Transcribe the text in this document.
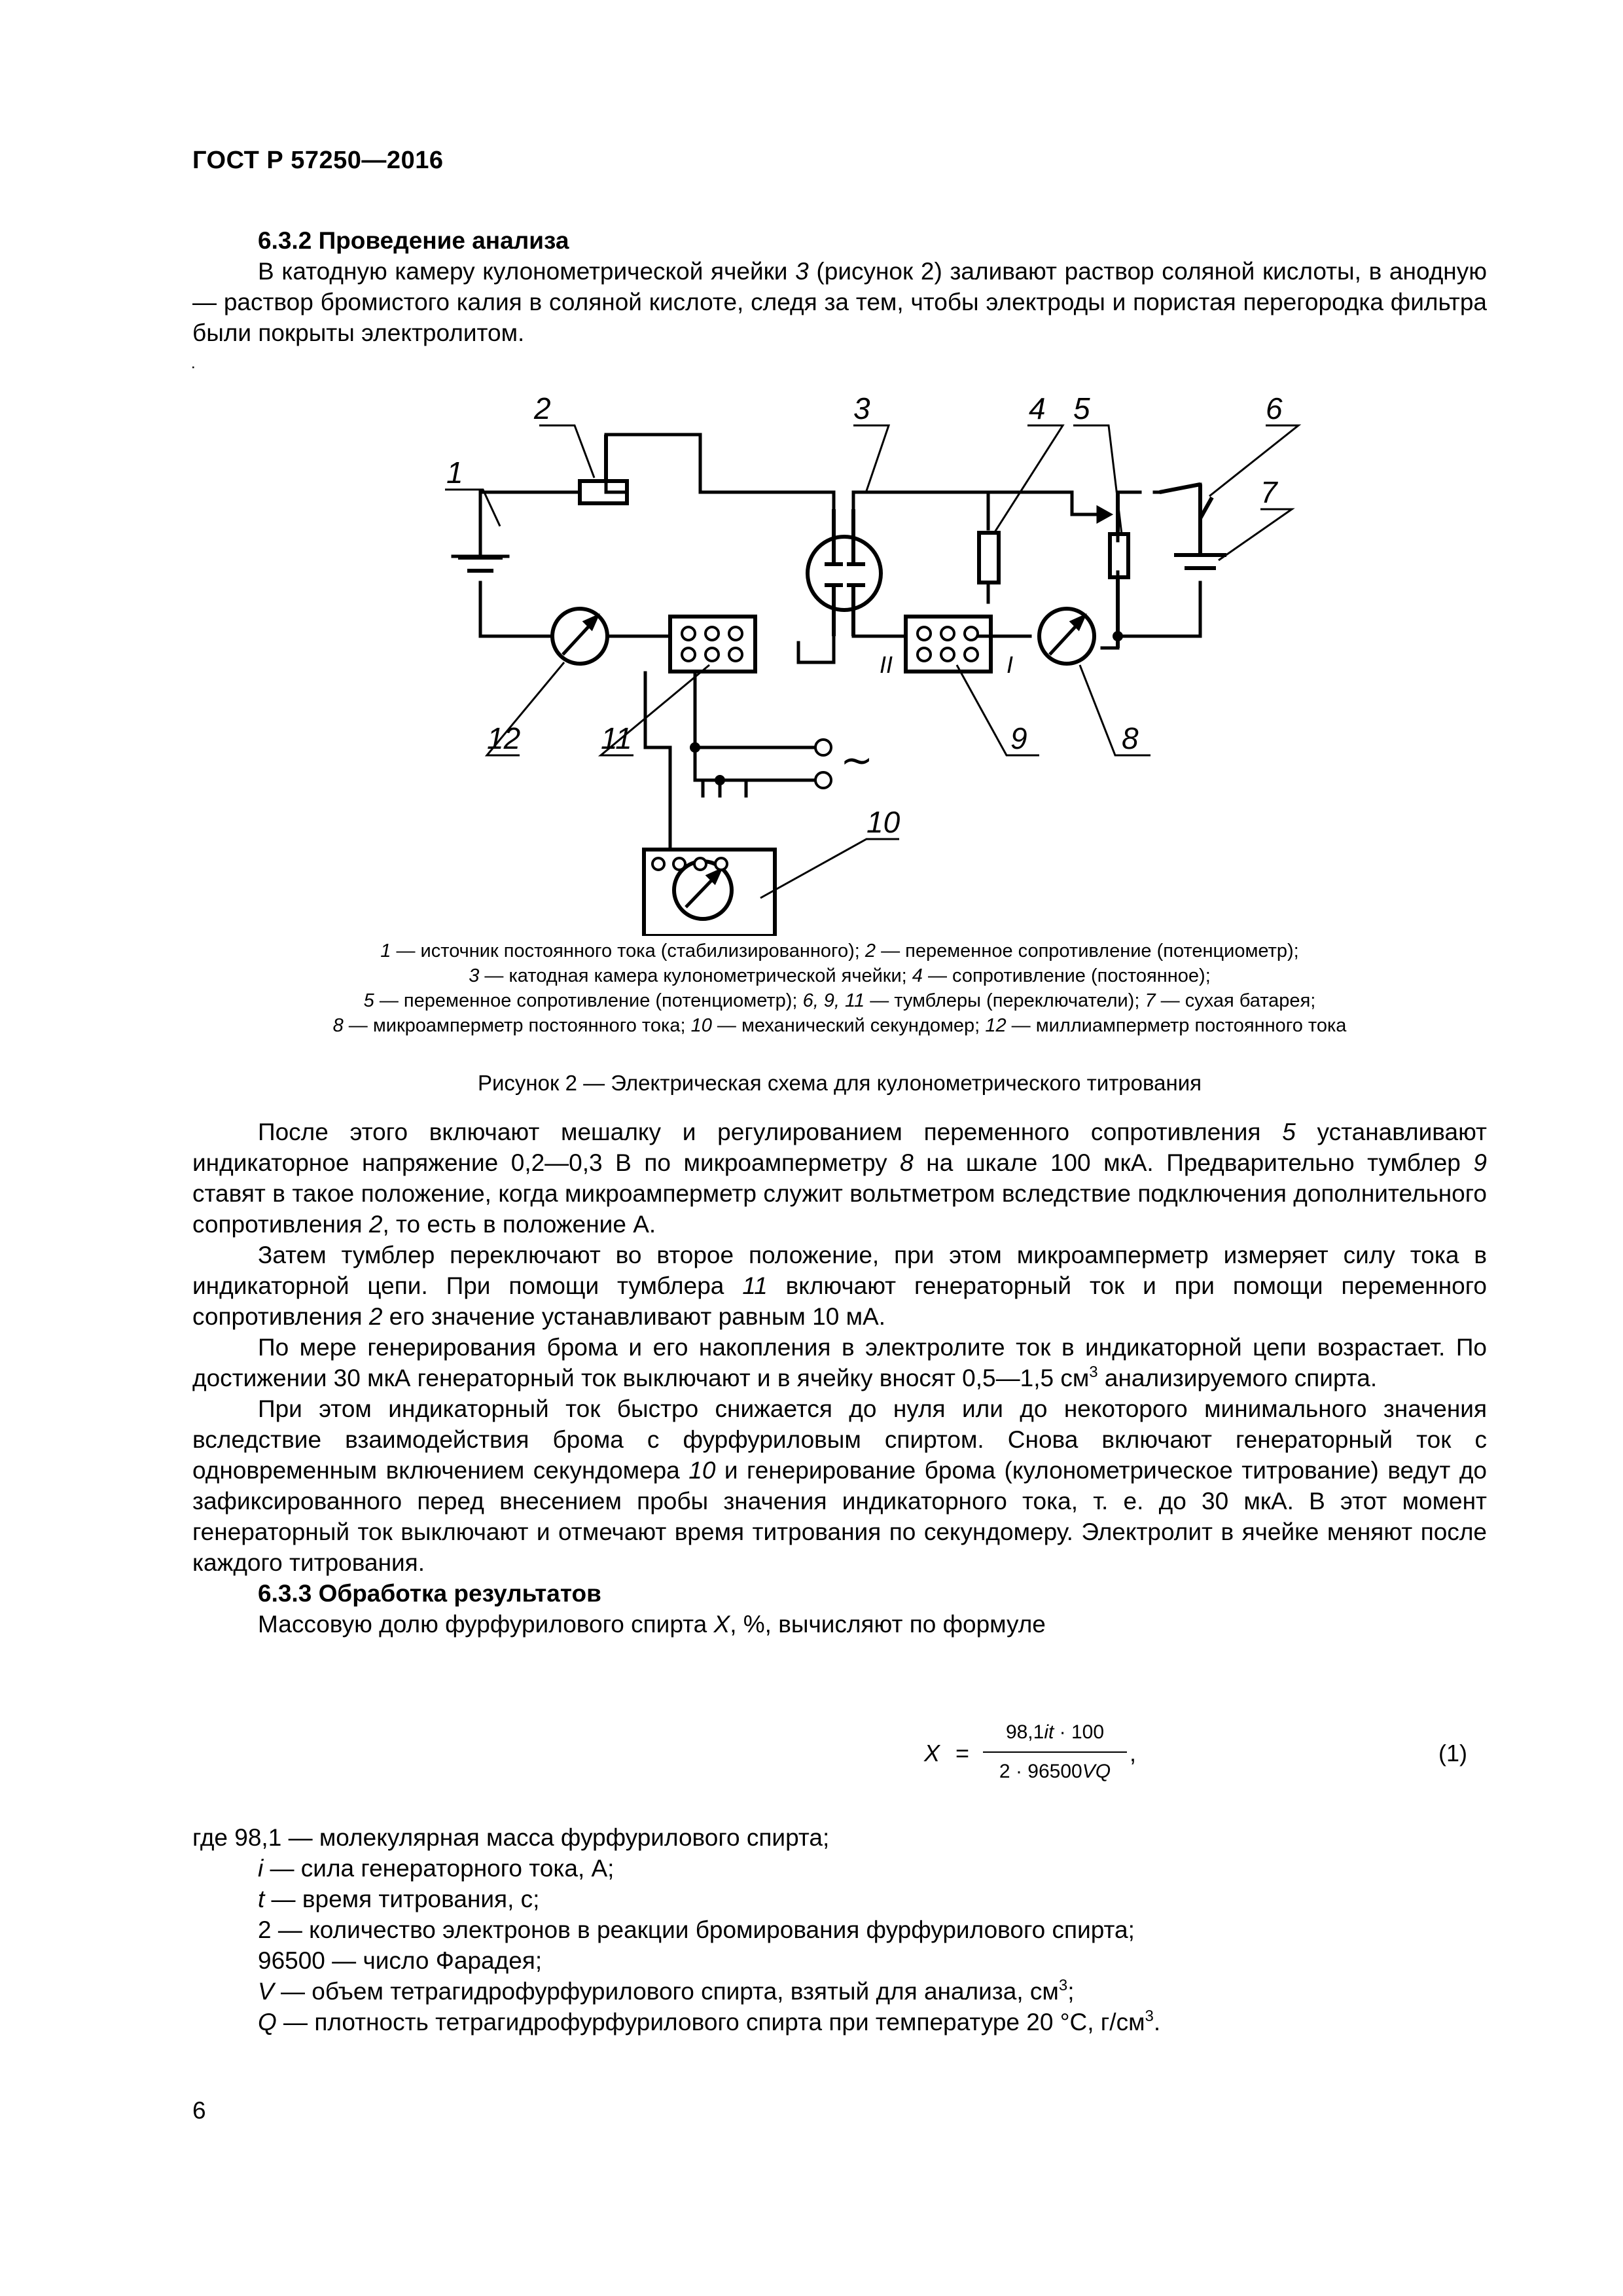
ГОСТ Р 57250—2016

6.3.2 Проведение анализа

В катодную камеру кулонометрической ячейки 3 (рисунок 2) заливают раствор соляной кислоты, в анодную — раствор бромистого калия в соляной кислоте, следя за тем, чтобы электроды и пористая перегородка фильтра были покрыты электролитом.

1
2	3	4 5	6
7
8
9
10
11
12
II	I
~
1 — источник постоянного тока (стабилизированного); 2 — переменное сопротивление (потенциометр);
3 — катодная камера кулонометрической ячейки; 4 — сопротивление (постоянное);
5 — переменное сопротивление (потенциометр); 6, 9, 11 — тумблеры (переключатели); 7 — сухая батарея;
8 — микроамперметр постоянного тока; 10 — механический секундомер; 12 — миллиамперметр постоянного тока
Рисунок 2 — Электрическая схема для кулонометрического титрования

После этого включают мешалку и регулированием переменного сопротивления 5 устанавливают индикаторное напряжение 0,2—0,3 В по микроамперметру 8 на шкале 100 мкА. Предварительно тумблер 9 ставят в такое положение, когда микроамперметр служит вольтметром вследствие подключения дополнительного сопротивления 2, то есть в положение А.

Затем тумблер переключают во второе положение, при этом микроамперметр измеряет силу тока в индикаторной цепи. При помощи тумблера 11 включают генераторный ток и при помощи переменного сопротивления 2 его значение устанавливают равным 10 мА.

По мере генерирования брома и его накопления в электролите ток в индикаторной цепи возрастает. По достижении 30 мкА генераторный ток выключают и в ячейку вносят 0,5—1,5 $см^3$ анализируемого спирта.

При этом индикаторный ток быстро снижается до нуля или до некоторого минимального значения вследствие взаимодействия брома с фурфуриловым спиртом. Снова включают генераторный ток с одновременным включением секундомера 10 и генерирование брома (кулонометрическое титрование) ведут до зафиксированного перед внесением пробы значения индикаторного тока, т. е. до 30 мкА. В этот момент генераторный ток выключают и отмечают время титрования по секундомеру. Электролит в ячейке меняют после каждого титрования.

6.3.3 Обработка результатов

Массовую долю фурфурилового спирта X, %, вычисляют по формуле

X =
98,1it · 100
2 · 96500VQ
,	(1)
где 98,1 — молекулярная масса фурфурилового спирта;
i — сила генераторного тока, А;
t — время титрования, с;
2 — количество электронов в реакции бромирования фурфурилового спирта;
96500 — число Фарадея;
V — объем тетрагидрофурфурилового спирта, взятый для анализа, $см^3$;
Q — плотность тетрагидрофурфурилового спирта при температуре 20 °С, $г/см^3$.
6
